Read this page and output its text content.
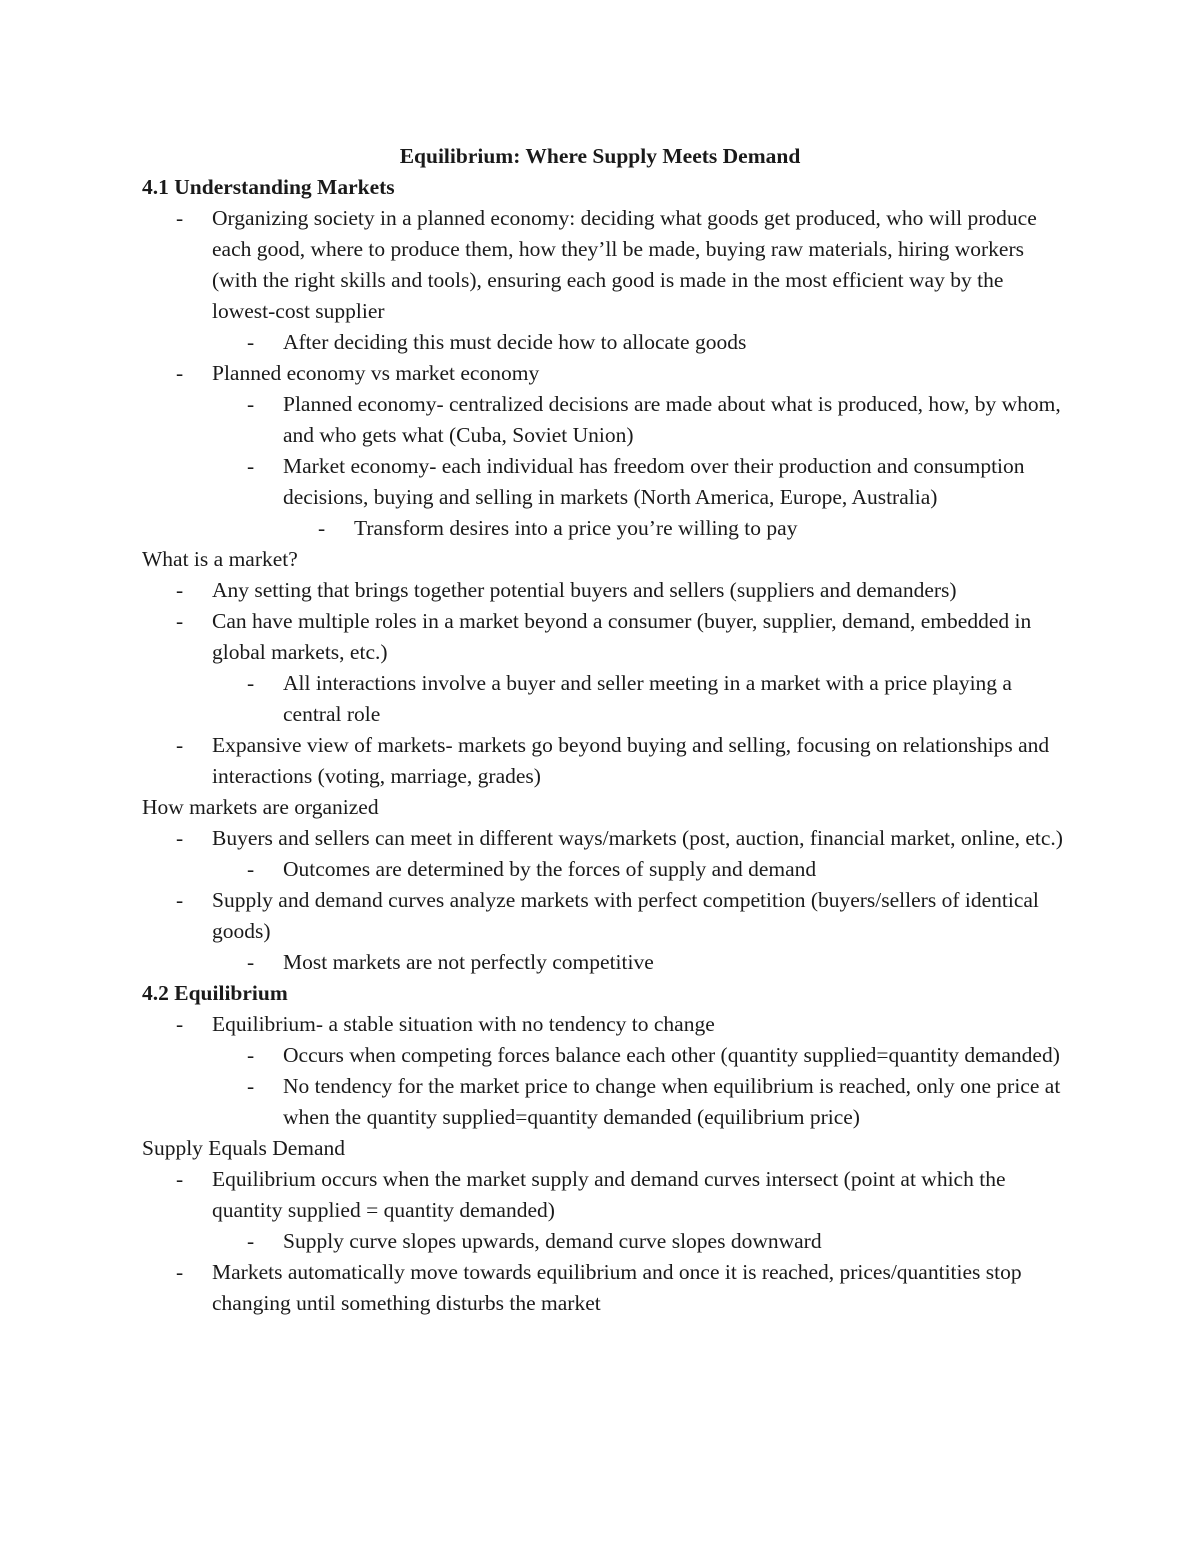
Equilibrium: Where Supply Meets Demand

4.1 Understanding Markets

-	Organizing society in a planned economy: deciding what goods get produced, who will produce each good, where to produce them, how they’ll be made, buying raw materials, hiring workers (with the right skills and tools), ensuring each good is made in the most efficient way by the lowest-cost supplier
-	After deciding this must decide how to allocate goods
-	Planned economy vs market economy
-	Planned economy- centralized decisions are made about what is produced, how, by whom, and who gets what (Cuba, Soviet Union)
-	Market economy- each individual has freedom over their production and consumption decisions, buying and selling in markets (North America, Europe, Australia)
-	Transform desires into a price you’re willing to pay

What is a market?

-	Any setting that brings together potential buyers and sellers (suppliers and demanders)
-	Can have multiple roles in a market beyond a consumer (buyer, supplier, demand, embedded in global markets, etc.)
-	All interactions involve a buyer and seller meeting in a market with a price playing a central role
-	Expansive view of markets- markets go beyond buying and selling, focusing on relationships and interactions (voting, marriage, grades)

How markets are organized

-	Buyers and sellers can meet in different ways/markets (post, auction, financial market, online, etc.)
-	Outcomes are determined by the forces of supply and demand
-	Supply and demand curves analyze markets with perfect competition (buyers/sellers of identical goods)
-	Most markets are not perfectly competitive

4.2 Equilibrium

-	Equilibrium- a stable situation with no tendency to change
-	Occurs when competing forces balance each other (quantity supplied=quantity demanded)
-	No tendency for the market price to change when equilibrium is reached, only one price at when the quantity supplied=quantity demanded (equilibrium price)

Supply Equals Demand

-	Equilibrium occurs when the market supply and demand curves intersect (point at which the quantity supplied = quantity demanded)
-	Supply curve slopes upwards, demand curve slopes downward
-	Markets automatically move towards equilibrium and once it is reached, prices/quantities stop changing until something disturbs the market
